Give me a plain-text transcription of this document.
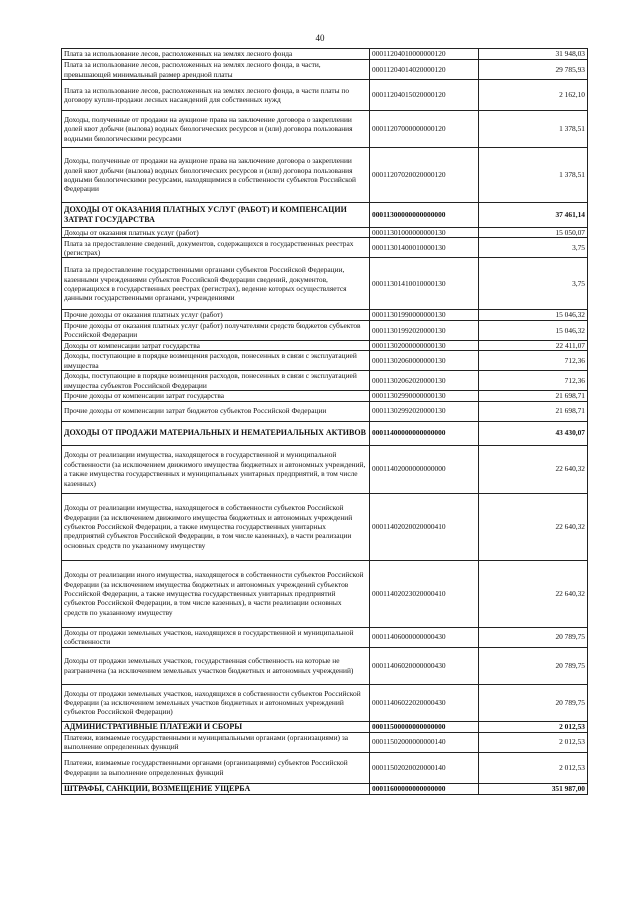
40
Плата за использование лесов, расположенных на землях лесного фонда	00011204010000000120	31 948,03
Плата за использование лесов, расположенных на землях лесного фонда, в части, превышающей минимальный размер арендной платы	00011204014020000120	29 785,93
Плата за использование лесов, расположенных на землях лесного фонда, в части платы по договору купли-продажи лесных насаждений для собственных нужд	00011204015020000120	2 162,10
Доходы, полученные от продажи на аукционе права на заключение договора о закреплении долей квот добычи (вылова) водных биологических ресурсов и (или) договора пользования водными биологическими ресурсами	00011207000000000120	1 378,51
Доходы, полученные от продажи на аукционе права на заключение договора о закреплении долей квот добычи (вылова) водных биологических ресурсов и (или) договора пользования водными биологическими ресурсами, находящимися в собственности субъектов Российской Федерации	00011207020020000120	1 378,51
ДОХОДЫ ОТ ОКАЗАНИЯ ПЛАТНЫХ УСЛУГ (РАБОТ) И КОМПЕНСАЦИИ ЗАТРАТ ГОСУДАРСТВА	00011300000000000000	37 461,14
Доходы от оказания платных услуг (работ)	00011301000000000130	15 050,07
Плата за предоставление сведений, документов, содержащихся в государственных реестрах (регистрах)	00011301400010000130	3,75
Плата за предоставление государственными органами субъектов Российской Федерации, казенными учреждениями субъектов Российской Федерации сведений, документов, содержащихся в государственных реестрах (регистрах), ведение которых осуществляется данными государственными органами, учреждениями	00011301410010000130	3,75
Прочие доходы от оказания платных услуг (работ)	00011301990000000130	15 046,32
Прочие доходы от оказания платных услуг (работ) получателями средств бюджетов субъектов Российской Федерации	00011301992020000130	15 046,32
Доходы от компенсации затрат государства	00011302000000000130	22 411,07
Доходы, поступающие в порядке возмещения расходов, понесенных в связи с эксплуатацией имущества	00011302060000000130	712,36
Доходы, поступающие в порядке возмещения расходов, понесенных в связи с эксплуатацией имущества субъектов Российской Федерации	00011302062020000130	712,36
Прочие доходы от компенсации затрат государства	00011302990000000130	21 698,71
Прочие доходы от компенсации затрат бюджетов субъектов Российской Федерации	00011302992020000130	21 698,71
ДОХОДЫ ОТ ПРОДАЖИ МАТЕРИАЛЬНЫХ И НЕМАТЕРИАЛЬНЫХ АКТИВОВ	00011400000000000000	43 430,07
Доходы от реализации имущества, находящегося в государственной и муниципальной собственности (за исключением движимого имущества бюджетных и автономных учреждений, а также имущества государственных и муниципальных унитарных предприятий, в том числе казенных)	00011402000000000000	22 640,32
Доходы от реализации имущества, находящегося в собственности субъектов Российской Федерации (за исключением движимого имущества бюджетных и автономных учреждений субъектов Российской Федерации, а также имущества государственных унитарных предприятий субъектов Российской Федерации, в том числе казенных), в части реализации основных средств по указанному имуществу	00011402020020000410	22 640,32
Доходы от реализации иного имущества, находящегося в собственности субъектов Российской Федерации (за исключением имущества бюджетных и автономных учреждений субъектов Российской Федерации, а также имущества государственных унитарных предприятий субъектов Российской Федерации, в том числе казенных), в части реализации основных средств по указанному имуществу	00011402023020000410	22 640,32
Доходы от продажи земельных участков, находящихся в государственной и муниципальной собственности	00011406000000000430	20 789,75
Доходы от продажи земельных участков, государственная собственность на которые не разграничена (за исключением земельных участков бюджетных и автономных учреждений)	00011406020000000430	20 789,75
Доходы от продажи земельных участков, находящихся в собственности субъектов Российской Федерации (за исключением земельных участков бюджетных и автономных учреждений субъектов Российской Федерации)	00011406022020000430	20 789,75
АДМИНИСТРАТИВНЫЕ ПЛАТЕЖИ И СБОРЫ	00011500000000000000	2 012,53
Платежи, взимаемые государственными и муниципальными органами (организациями) за выполнение определенных функций	00011502000000000140	2 012,53
Платежи, взимаемые государственными органами (организациями) субъектов Российской Федерации за выполнение определенных функций	00011502020020000140	2 012,53
ШТРАФЫ, САНКЦИИ, ВОЗМЕЩЕНИЕ УЩЕРБА	00011600000000000000	351 987,00
